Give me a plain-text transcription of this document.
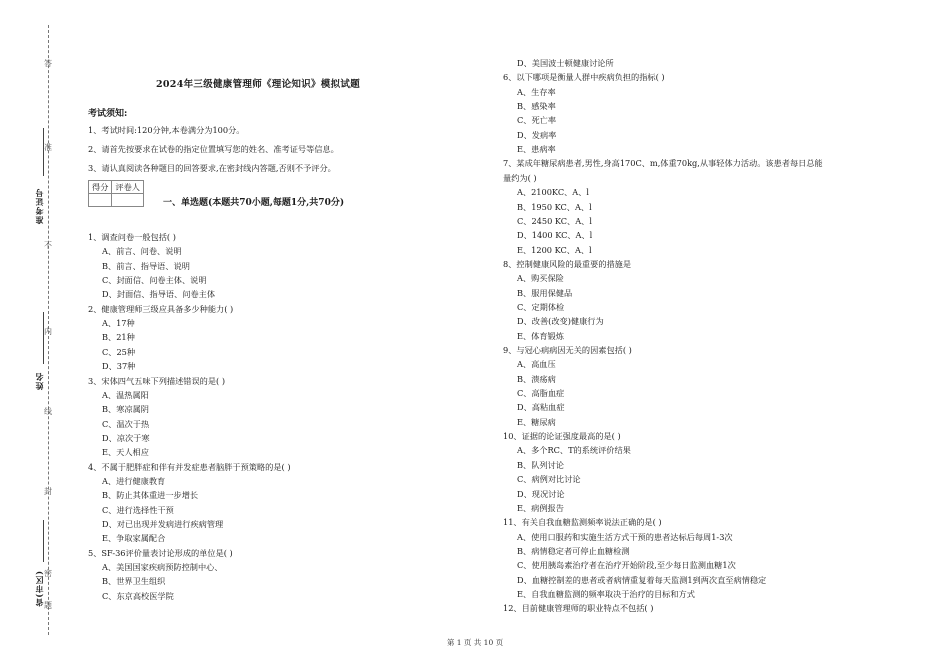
准考证号
姓名
省(市区)
答
准
不
内
线
封
密
题
2024年三级健康管理师《理论知识》模拟试题
考试须知:
1、考试时间:120分钟,本卷满分为100分。
2、请首先按要求在试卷的指定位置填写您的姓名、准考证号等信息。
3、请认真阅读各种题目的回答要求,在密封线内答题,否则不予评分。
得分	评卷人

一、单选题(本题共70小题,每题1分,共70分)
1、调查问卷一般包括( )
A、前言、问卷、说明
B、前言、指导语、说明
C、封面信、问卷主体、说明
D、封面信、指导语、问卷主体
2、健康管理师三级应具备多少种能力( )
A、17种
B、21种
C、25种
D、37种
3、宋体四气五味下列描述错误的是( )
A、温热属阳
B、寒凉属阴
C、温次于热
D、凉次于寒
E、天人相应
4、不属于肥胖症和伴有并发症患者脑胖于预策略的是( )
A、进行健康教育
B、防止其体重进一步增长
C、进行选择性干预
D、对已出现并发病进行疾病管理
E、争取家属配合
5、SF-36评价量表讨论形成的单位是( )
A、美国国家疾病预防控制中心、
B、世界卫生组织
C、东京高校医学院
D、美国波士顿健康讨论所
6、以下哪项是衡量人群中疾病负担的指标( )
A、生存率
B、感染率
C、死亡率
D、发病率
E、患病率
7、某成年糖尿病患者,男性,身高170C、m,体重70kg,从事轻体力活动。该患者每日总能
量约为( )
A、2100KC、A、l
B、1950 KC、A、l
C、2450 KC、A、l
D、1400 KC、A、l
E、1200 KC、A、l
8、控制健康风险的最重要的措施是
A、购买保险
B、服用保健品
C、定期体检
D、改善(改变)健康行为
E、体育锻炼
9、与冠心病病因无关的因素包括( )
A、高血压
B、溃疡病
C、高脂血症
D、高粘血症
E、糖尿病
10、证据的论证强度最高的是( )
A、多个RC、T的系统评价结果
B、队列讨论
C、病例对比讨论
D、现况讨论
E、病例报告
11、有关自我血糖监测频率说法正确的是( )
A、使用口服药和实施生活方式干预的患者达标后每周1-3次
B、病情稳定者可停止血糖检测
C、使用胰岛素治疗者在治疗开始阶段,至少每日监测血糖1次
D、血糖控制差的患者或者病情重复着每天监测1到两次直至病情稳定
E、自我血糖监测的频率取决于治疗的目标和方式
12、目前健康管理师的职业特点不包括( )
第 1 页 共 10 页
